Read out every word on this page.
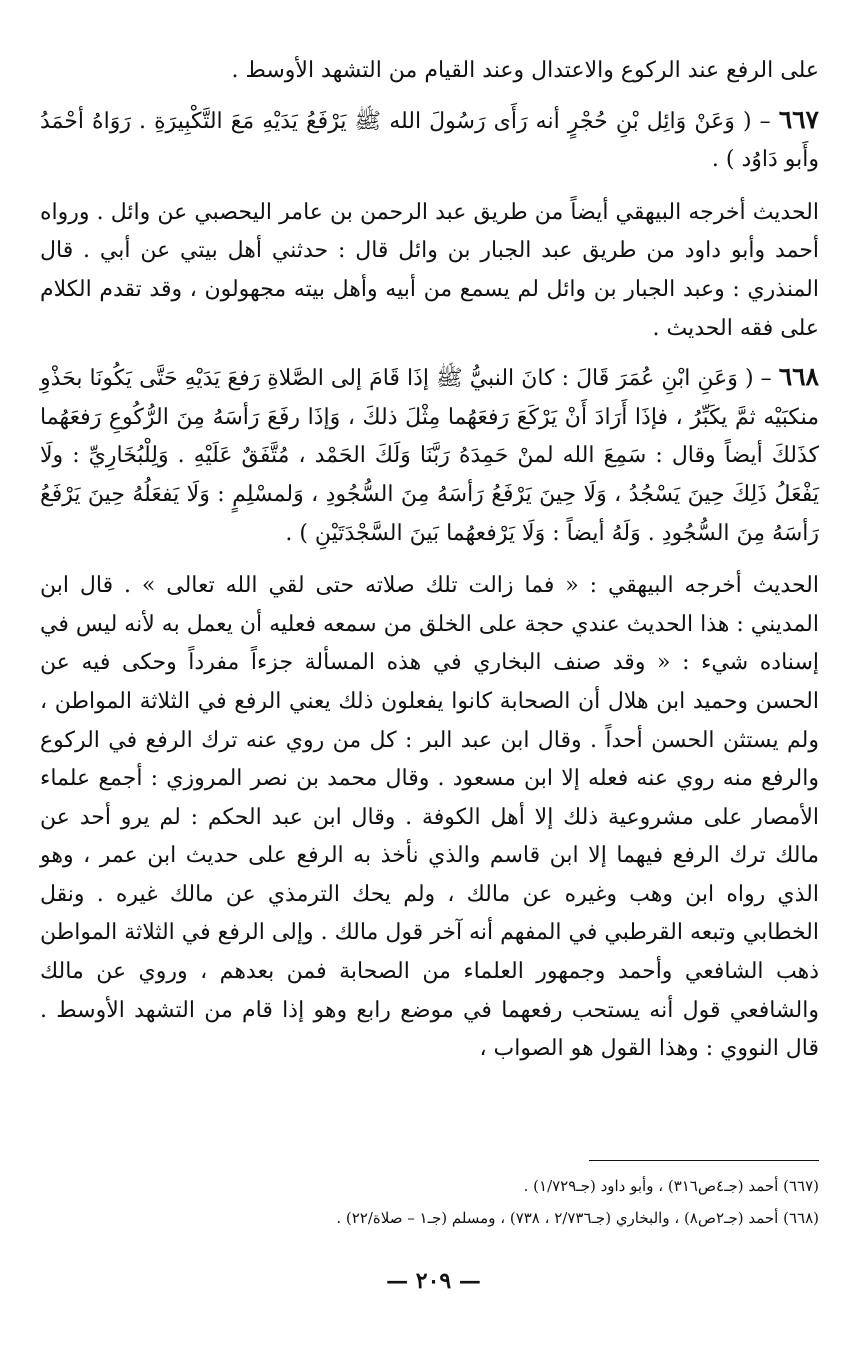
على الرفع عند الركوع والاعتدال وعند القيام من التشهد الأوسط .

٦٦٧ – ( وَعَنْ وَائِل بْنِ حُجْرٍ أنه رَأَى رَسُولَ الله ﷺ يَرْفَعُ يَدَيْهِ مَعَ التَّكْبِيرَةِ . رَوَاهُ أحْمَدُ وأَبو دَاوُد ) .

الحديث أخرجه البيهقي أيضاً من طريق عبد الرحمن بن عامر اليحصبي عن وائل . ورواه أحمد وأبو داود من طريق عبد الجبار بن وائل قال : حدثني أهل بيتي عن أبي . قال المنذري : وعبد الجبار بن وائل لم يسمع من أبيه وأهل بيته مجهولون ، وقد تقدم الكلام على فقه الحديث .

٦٦٨ – ( وَعَنِ ابْنِ عُمَرَ قَالَ : كانَ النبيُّ ﷺ إذَا قَامَ إلى الصَّلاةِ رَفعَ يَدَيْهِ حَتَّى يَكُونَا بحَذْوِ منكبَيْه ثمَّ يكَبِّرُ ، فإذَا أَرَادَ أَنْ يَرْكَعَ رَفعَهُما مِثْلَ ذلكَ ، وَإذَا رفَعَ رَأسَهُ مِنَ الرُّكُوعِ رَفعَهُما كذَلكَ أيضاً وقال : سَمِعَ الله لمنْ حَمِدَهُ رَبَّنَا وَلَكَ الحَمْد ، مُتَّفَقٌ عَلَيْهِ . وَلِلْبُخَارِيِّ : ولَا يَفْعَلُ ذَلِكَ حِينَ يَسْجُدُ ، وَلَا حِينَ يَرْفَعُ رَأسَهُ مِنَ السُّجُودِ ، وَلمسْلِمٍ : وَلَا يَفعَلُهُ حِينَ يَرْفَعُ رَأسَهُ مِنَ السُّجُودِ . وَلَهُ أيضاً : وَلَا يَرْفعهُما بَينَ السَّجْدَتَيْنِ ) .

الحديث أخرجه البيهقي : « فما زالت تلك صلاته حتى لقي الله تعالى » . قال ابن المديني : هذا الحديث عندي حجة على الخلق من سمعه فعليه أن يعمل به لأنه ليس في إسناده شيء : « وقد صنف البخاري في هذه المسألة جزءاً مفرداً وحكى فيه عن الحسن وحميد ابن هلال أن الصحابة كانوا يفعلون ذلك يعني الرفع في الثلاثة المواطن ، ولم يستثن الحسن أحداً . وقال ابن عبد البر : كل من روي عنه ترك الرفع في الركوع والرفع منه روي عنه فعله إلا ابن مسعود . وقال محمد بن نصر المروزي : أجمع علماء الأمصار على مشروعية ذلك إلا أهل الكوفة . وقال ابن عبد الحكم : لم يرو أحد عن مالك ترك الرفع فيهما إلا ابن قاسم والذي نأخذ به الرفع على حديث ابن عمر ، وهو الذي رواه ابن وهب وغيره عن مالك ، ولم يحك الترمذي عن مالك غيره . ونقل الخطابي وتبعه القرطبي في المفهم أنه آخر قول مالك . وإلى الرفع في الثلاثة المواطن ذهب الشافعي وأحمد وجمهور العلماء من الصحابة فمن بعدهم ، وروي عن مالك والشافعي قول أنه يستحب رفعهما في موضع رابع وهو إذا قام من التشهد الأوسط . قال النووي : وهذا القول هو الصواب ،

(٦٦٧) أحمد (جـ٤ص٣١٦) ، وأبو داود (جـ١/٧٢٩) .

(٦٦٨) أحمد (جـ٢ص٨) ، والبخاري (جـ٢/٧٣٦ ، ٧٣٨) ، ومسلم (جـ١ – صلاة/٢٢) .

— ٢٠٩ —
